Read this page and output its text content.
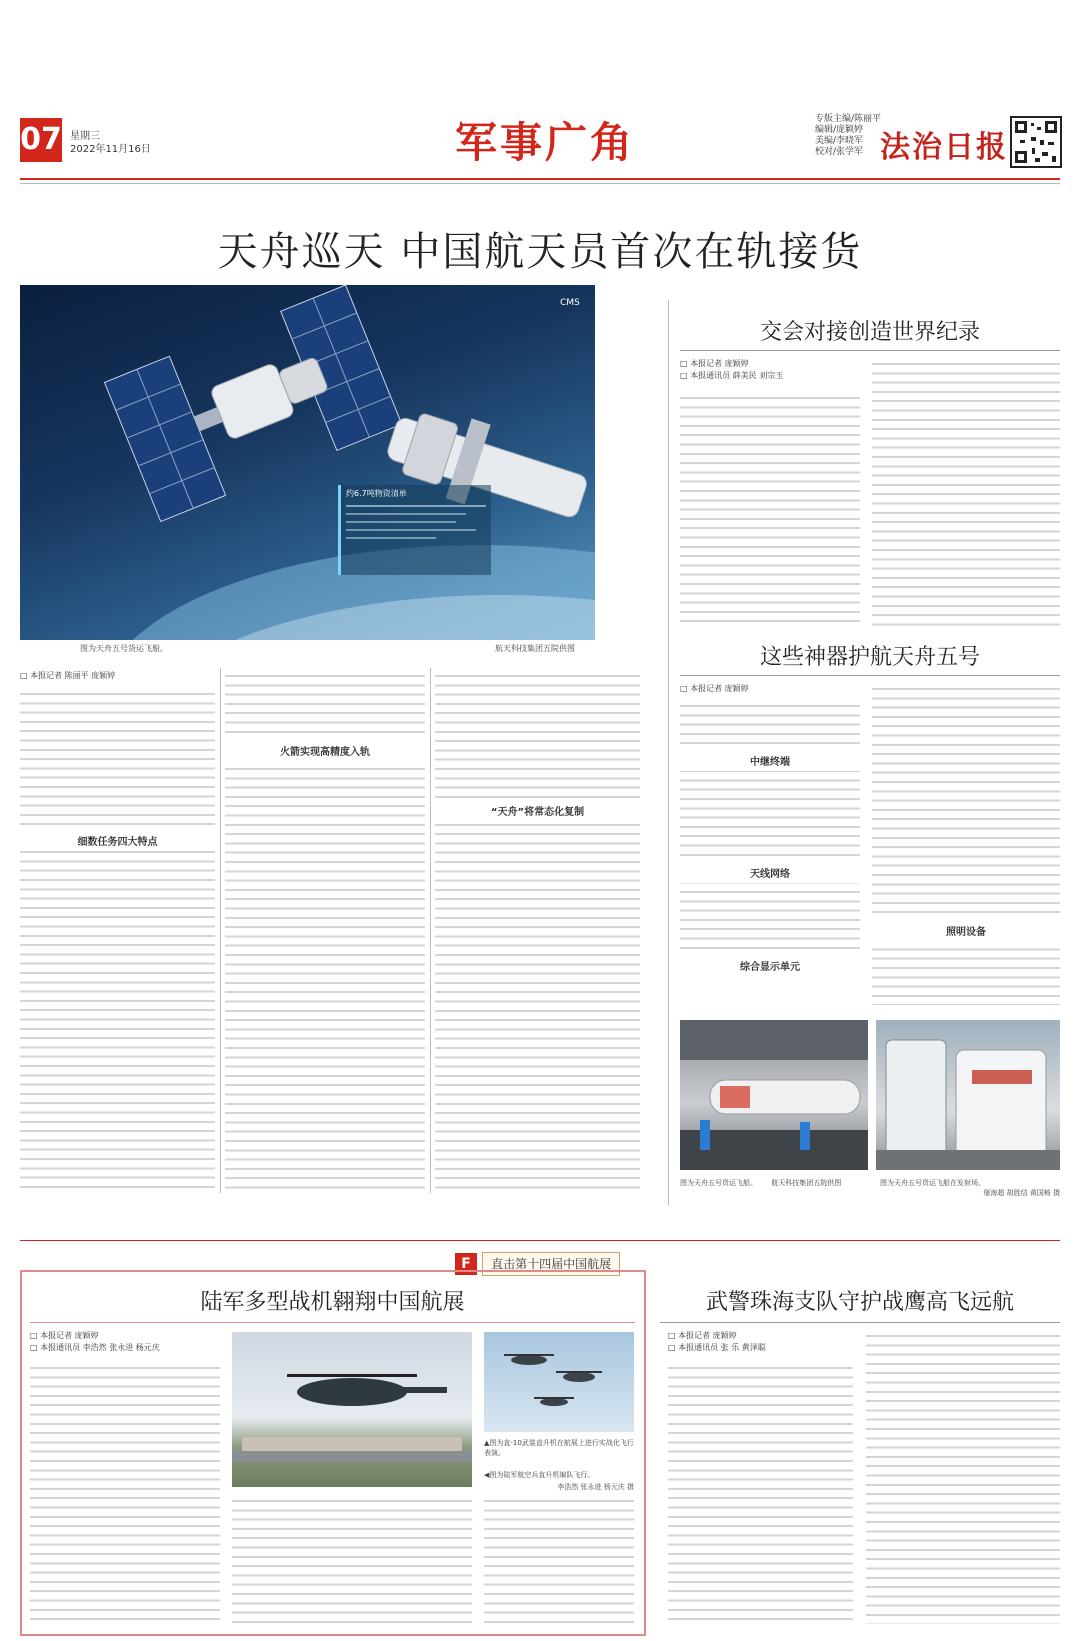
07 星期三
2022年11月16日	军事广角	专版主编/陈丽平
编辑/庞颖婷
美编/李晓军
校对/张学军 法治日报
天舟巡天 中国航天员首次在轨接货
CMS
约6.7吨物资清单
图为天舟五号货运飞船。	航天科技集团五院供图
□ 本报记者 陈丽平 庞颖婷
细数任务四大特点
火箭实现高精度入轨
“天舟”将常态化复制
交会对接创造世界纪录
□ 本报记者 庞颖婷
□ 本报通讯员 薛美民 刘宗玉
这些神器护航天舟五号
□ 本报记者 庞颖婷
中继终端
天线网络
综合显示单元
照明设备
图为天舟五号货运飞船。 航天科技集团五院供图	图为天舟五号货运飞船在发射场。
屠海超 胡胜结 黄国畅 摄
F 直击第十四届中国航展
陆军多型战机翱翔中国航展
□ 本报记者 庞颖婷
□ 本报通讯员 李浩然 张永进 杨元庆
▲图为直-10武装直升机在航展上进行实战化飞行表演。
◀图为陆军航空兵直升机编队飞行。
李浩然 张永进 杨元庆 摄
武警珠海支队守护战鹰高飞远航
□ 本报记者 庞颖婷
□ 本报通讯员 张 乐 黄泽聪
